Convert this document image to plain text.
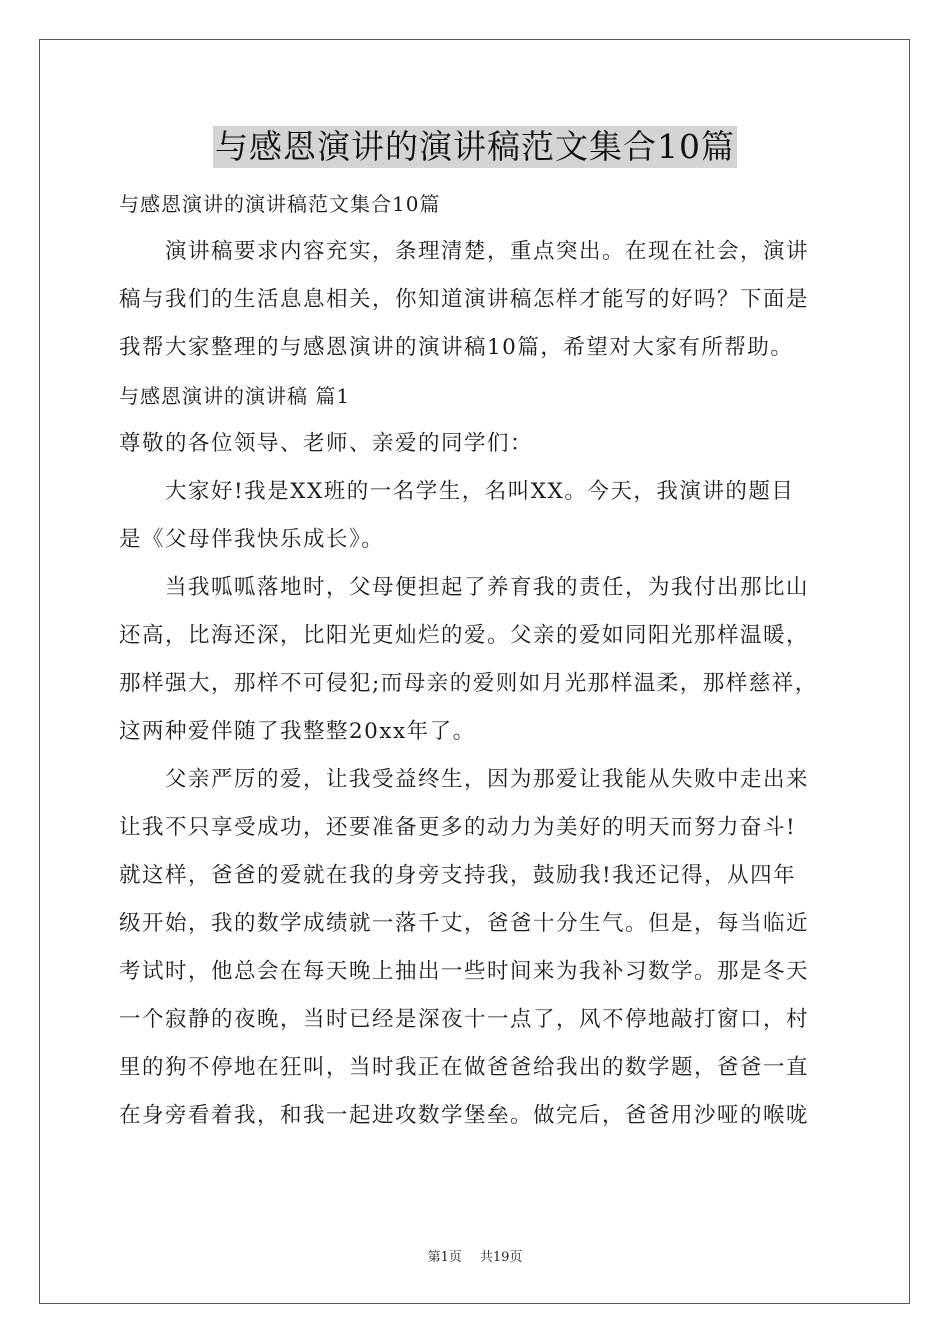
与感恩演讲的演讲稿范文集合10篇
与感恩演讲的演讲稿范文集合10篇
演讲稿要求内容充实，条理清楚，重点突出。在现在社会，演讲
稿与我们的生活息息相关，你知道演讲稿怎样才能写的好吗？下面是
我帮大家整理的与感恩演讲的演讲稿10篇，希望对大家有所帮助。
与感恩演讲的演讲稿 篇1
尊敬的各位领导、老师、亲爱的同学们：
大家好!我是XX班的一名学生，名叫XX。今天，我演讲的题目
是《父母伴我快乐成长》。
当我呱呱落地时，父母便担起了养育我的责任，为我付出那比山
还高，比海还深，比阳光更灿烂的爱。父亲的爱如同阳光那样温暖，
那样强大，那样不可侵犯;而母亲的爱则如月光那样温柔，那样慈祥，
这两种爱伴随了我整整20xx年了。
父亲严厉的爱，让我受益终生，因为那爱让我能从失败中走出来
让我不只享受成功，还要准备更多的动力为美好的明天而努力奋斗!
就这样，爸爸的爱就在我的身旁支持我，鼓励我!我还记得，从四年
级开始，我的数学成绩就一落千丈，爸爸十分生气。但是，每当临近
考试时，他总会在每天晚上抽出一些时间来为我补习数学。那是冬天
一个寂静的夜晚，当时已经是深夜十一点了，风不停地敲打窗口，村
里的狗不停地在狂叫，当时我正在做爸爸给我出的数学题，爸爸一直
在身旁看着我，和我一起进攻数学堡垒。做完后，爸爸用沙哑的喉咙
第1页 共19页
